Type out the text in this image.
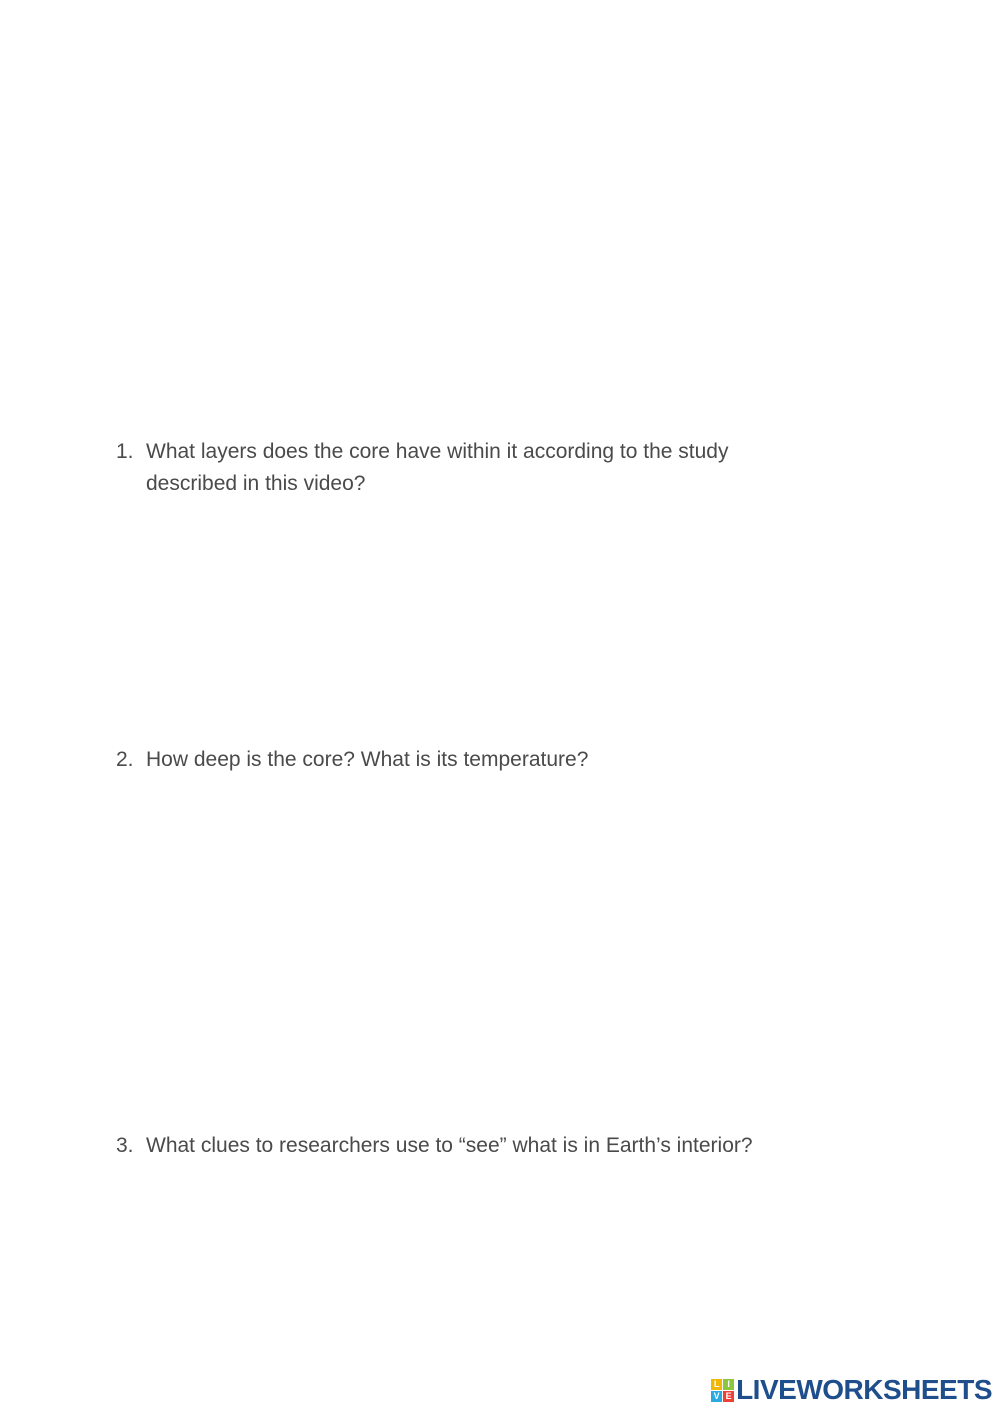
1. What layers does the core have within it according to the study described in this video?
2. How deep is the core? What is its temperature?
3. What clues to researchers use to “see” what is in Earth’s interior?
L I
V E LIVEWORKSHEETS
